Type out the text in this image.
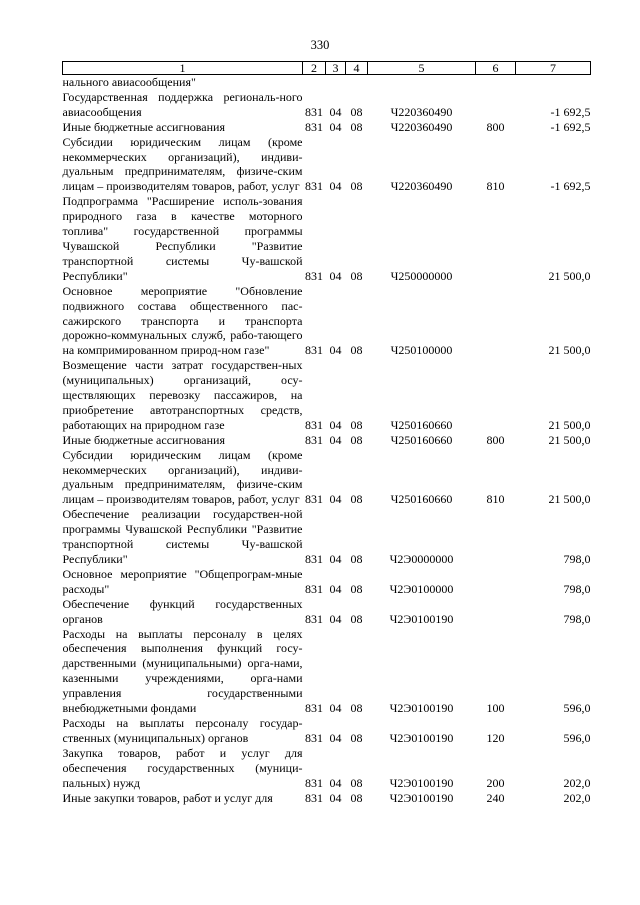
330
1	2	3	4	5	6	7
нального авиасообщения"						
Государственная поддержка региональ-ного авиасообщения	831	04	08	Ч220360490		-1 692,5
Иные бюджетные ассигнования	831	04	08	Ч220360490	800	-1 692,5
Субсидии юридическим лицам (кроме некоммерческих организаций), индиви-дуальным предпринимателям, физиче-ским лицам – производителям товаров, работ, услуг	831	04	08	Ч220360490	810	-1 692,5
Подпрограмма "Расширение исполь-зования природного газа в качестве моторного топлива" государственной программы Чувашской Республики "Развитие транспортной системы Чу-вашской Республики"	831	04	08	Ч250000000		21 500,0
Основное мероприятие "Обновление подвижного состава общественного пас-сажирского транспорта и транспорта дорожно-коммунальных служб, рабо-тающего на компримированном природ-ном газе"	831	04	08	Ч250100000		21 500,0
Возмещение части затрат государствен-ных (муниципальных) организаций, осу-ществляющих перевозку пассажиров, на приобретение автотранспортных средств, работающих на природном газе	831	04	08	Ч250160660		21 500,0
Иные бюджетные ассигнования	831	04	08	Ч250160660	800	21 500,0
Субсидии юридическим лицам (кроме некоммерческих организаций), индиви-дуальным предпринимателям, физиче-ским лицам – производителям товаров, работ, услуг	831	04	08	Ч250160660	810	21 500,0
Обеспечение реализации государствен-ной программы Чувашской Республики "Развитие транспортной системы Чу-вашской Республики"	831	04	08	Ч2Э0000000		798,0
Основное мероприятие "Общепрограм-мные расходы"	831	04	08	Ч2Э0100000		798,0
Обеспечение функций государственных органов	831	04	08	Ч2Э0100190		798,0
Расходы на выплаты персоналу в целях обеспечения выполнения функций госу-дарственными (муниципальными) орга-нами, казенными учреждениями, орга-нами управления государственными внебюджетными фондами	831	04	08	Ч2Э0100190	100	596,0
Расходы на выплаты персоналу государ-ственных (муниципальных) органов	831	04	08	Ч2Э0100190	120	596,0
Закупка товаров, работ и услуг для обеспечения государственных (муници-пальных) нужд	831	04	08	Ч2Э0100190	200	202,0
Иные закупки товаров, работ и услуг для	831	04	08	Ч2Э0100190	240	202,0
